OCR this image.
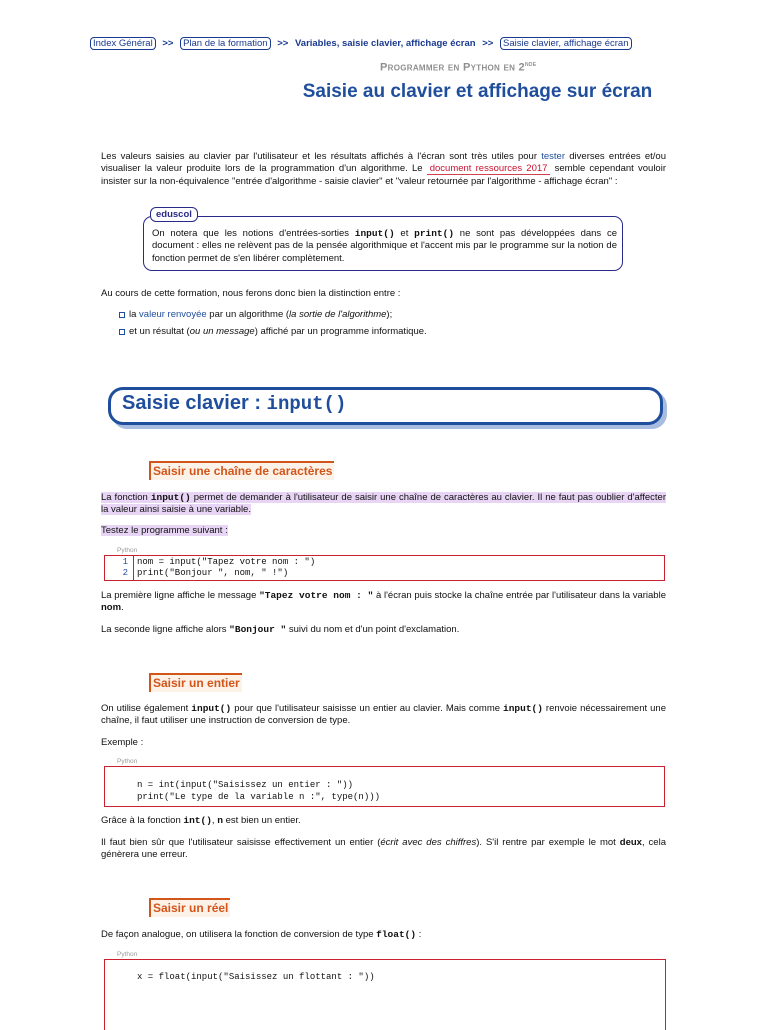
Index Général >> Plan de la formation >> Variables, saisie clavier, affichage écran >> Saisie clavier, affichage écran
Programmer en Python en 2nde
Saisie au clavier et affichage sur écran

Les valeurs saisies au clavier par l'utilisateur et les résultats affichés à l'écran sont très utiles pour tester diverses entrées et/ou visualiser la valeur produite lors de la programmation d'un algorithme. Le document ressources 2017 semble cependant vouloir insister sur la non-équivalence "entrée d'algorithme - saisie clavier" et "valeur retournée par l'algorithme - affichage écran" :

eduscol

On notera que les notions d'entrées-sorties input() et print() ne sont pas développées dans ce document : elles ne relèvent pas de la pensée algorithmique et l'accent mis par le programme sur la notion de fonction permet de s'en libérer complètement.

Au cours de cette formation, nous ferons donc bien la distinction entre :
la valeur renvoyée par un algorithme (la sortie de l'algorithme);
et un résultat (ou un message) affiché par un programme informatique.
Saisie clavier : input()
Saisir une chaîne de caractères

La fonction input() permet de demander à l'utilisateur de saisir une chaîne de caractères au clavier. Il ne faut pas oublier d'affecter la valeur ainsi saisie à une variable.

Testez le programme suivant :
Python
1
2
nom = input("Tapez votre nom : ")
print("Bonjour ", nom, " !")

La première ligne affiche le message "Tapez votre nom : " à l'écran puis stocke la chaîne entrée par l'utilisateur dans la variable nom.

La seconde ligne affiche alors "Bonjour " suivi du nom et d'un point d'exclamation.

Saisir un entier

On utilise également input() pour que l'utilisateur saisisse un entier au clavier. Mais comme input() renvoie nécessairement une chaîne, il faut utiliser une instruction de conversion de type.

Exemple :
Python
n = int(input("Saisissez un entier : "))
print("Le type de la variable n :", type(n)))

Grâce à la fonction int(), n est bien un entier.

Il faut bien sûr que l'utilisateur saisisse effectivement un entier (écrit avec des chiffres). S'il rentre par exemple le mot deux, cela génèrera une erreur.

Saisir un réel

De façon analogue, on utilisera la fonction de conversion de type float() :

Python
x = float(input("Saisissez un flottant : "))
